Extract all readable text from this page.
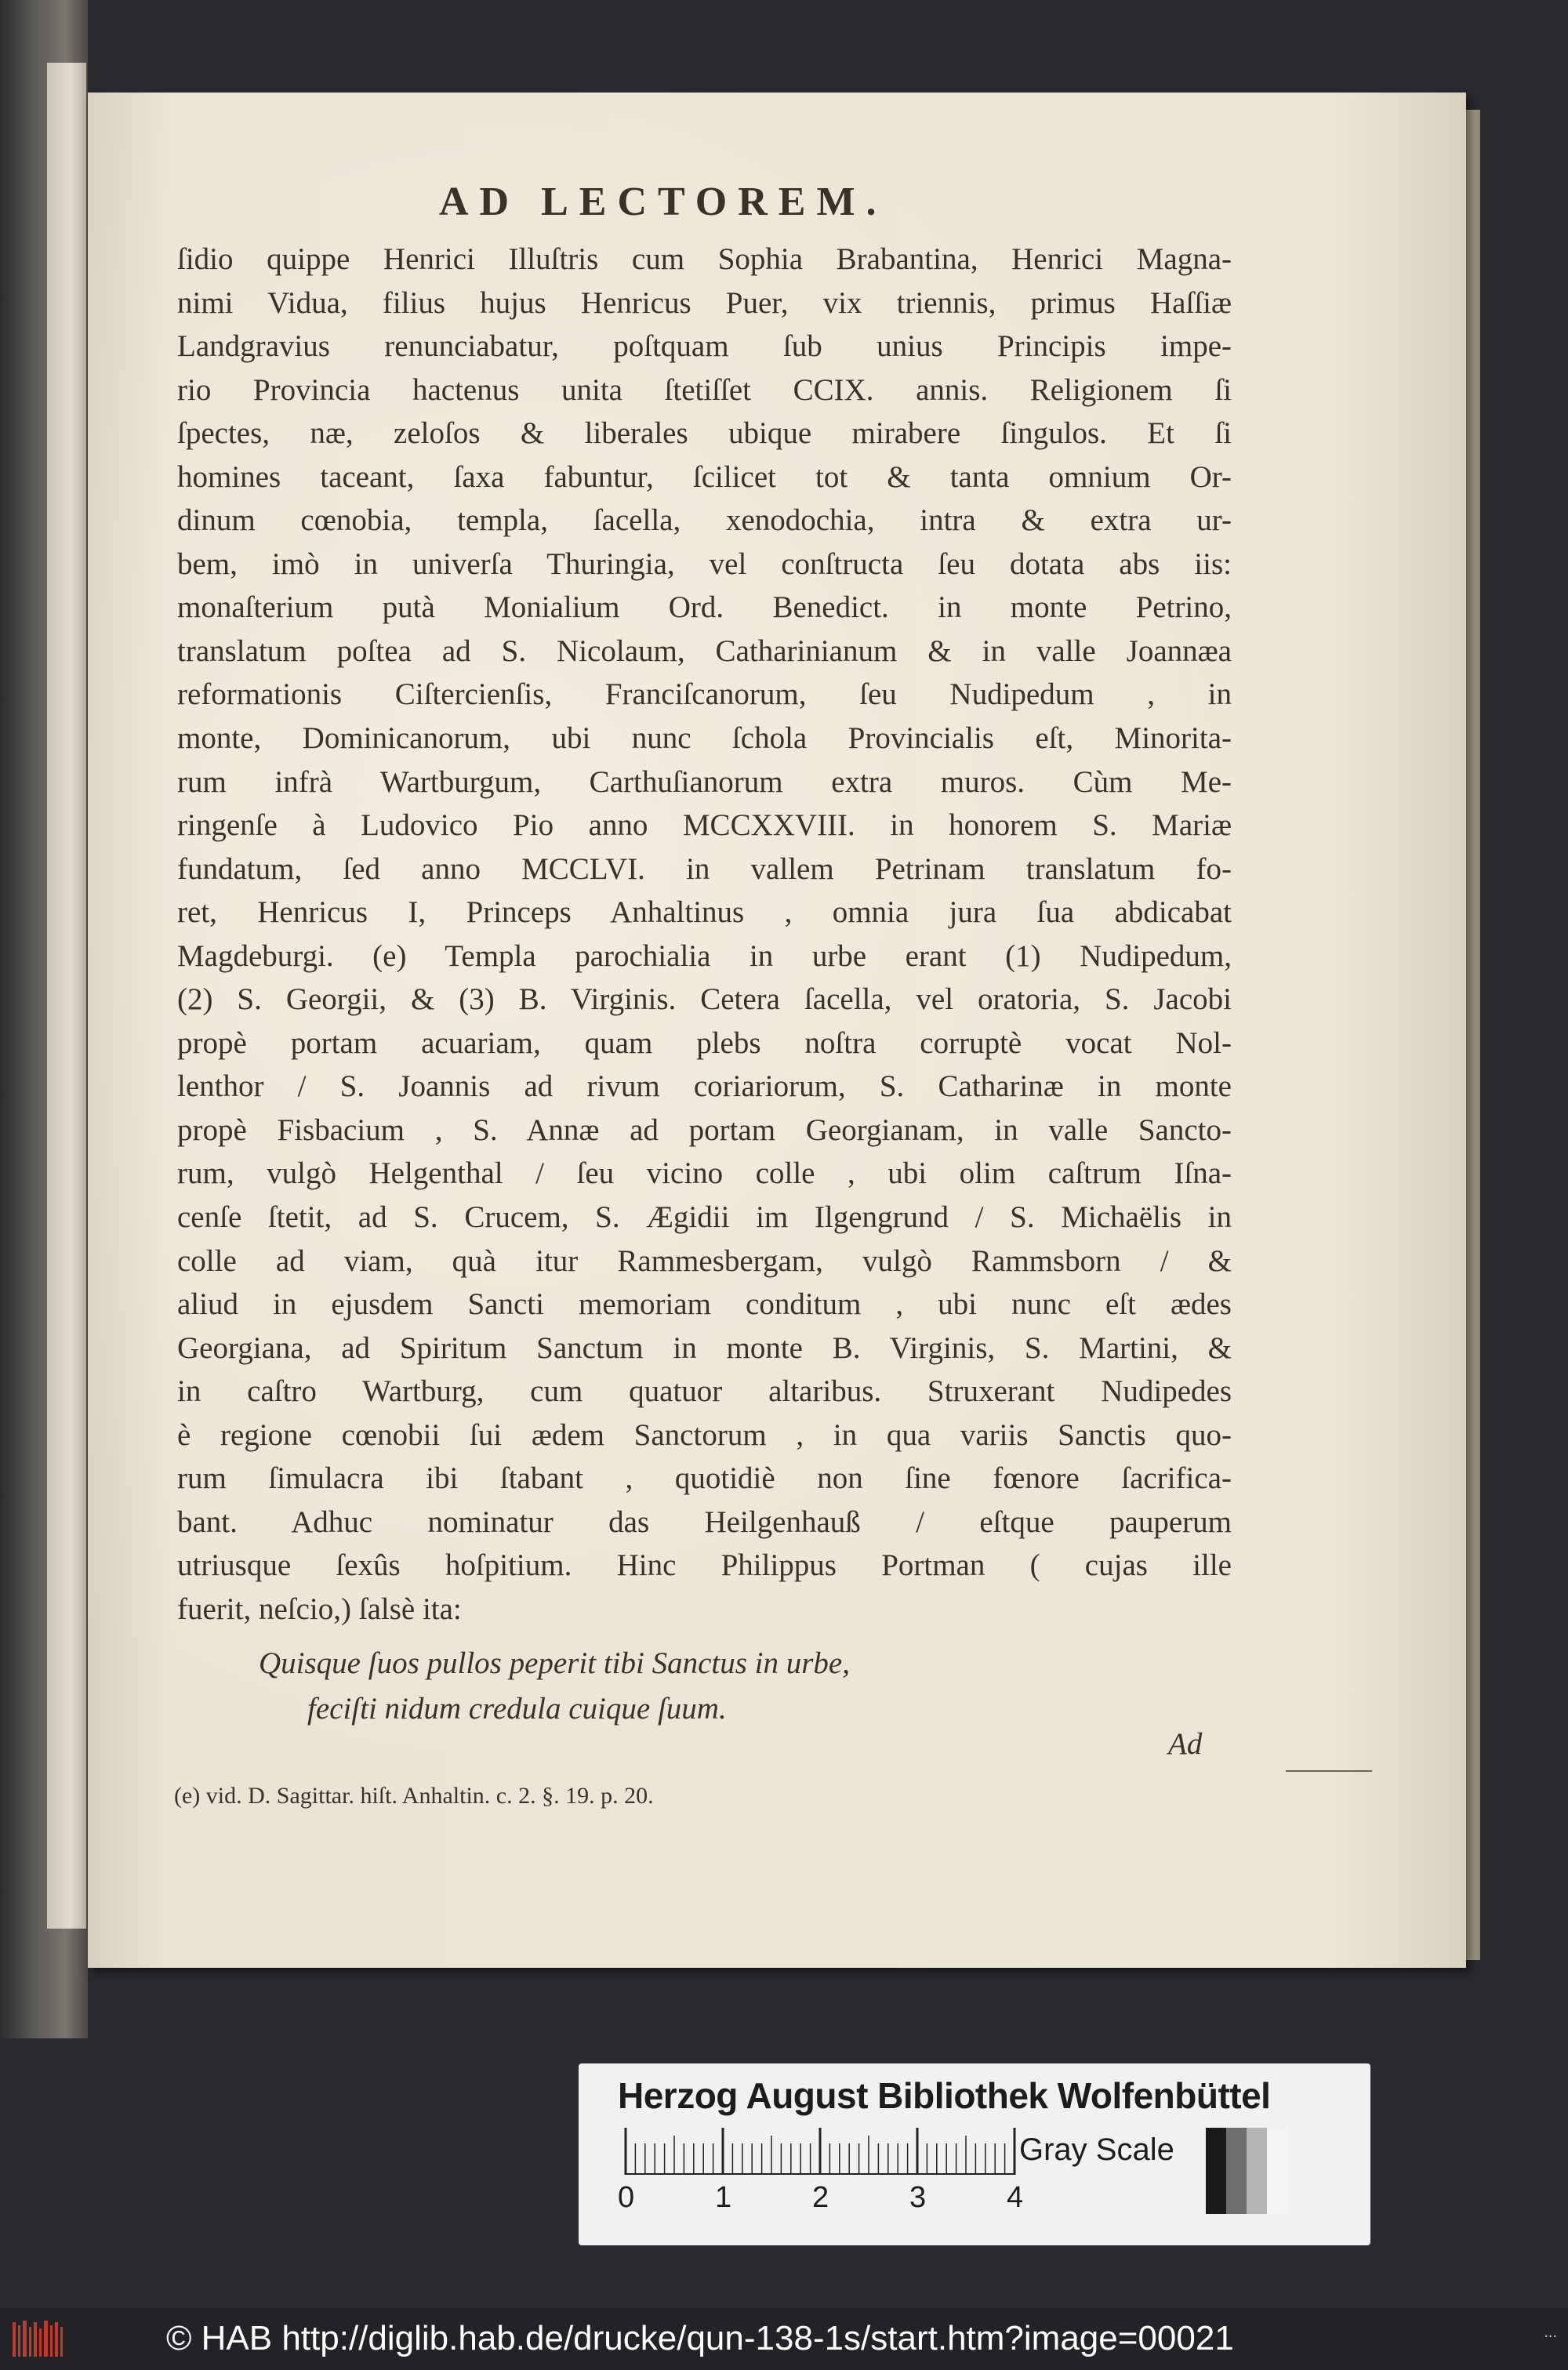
AD LECTOREM.
ſidio quippe Henrici Illuſtris cum Sophia Brabantina, Henrici Magna-
nimi Vidua, filius hujus Henricus Puer, vix triennis, primus Haſſiæ
Landgravius renunciabatur, poſtquam ſub unius Principis impe-
rio Provincia hactenus unita ſtetiſſet CCIX. annis. Religionem ſi
ſpectes, næ, zeloſos & liberales ubique mirabere ſingulos. Et ſi
homines taceant, ſaxa fabuntur, ſcilicet tot & tanta omnium Or-
dinum cœnobia, templa, ſacella, xenodochia, intra & extra ur-
bem, imò in univerſa Thuringia, vel conſtructa ſeu dotata abs iis:
monaſterium putà Monialium Ord. Benedict. in monte Petrino,
translatum poſtea ad S. Nicolaum, Catharinianum & in valle Joannæa
reformationis Ciſtercienſis, Franciſcanorum, ſeu Nudipedum , in
monte, Dominicanorum, ubi nunc ſchola Provincialis eſt, Minorita-
rum infrà Wartburgum, Carthuſianorum extra muros. Cùm Me-
ringenſe à Ludovico Pio anno MCCXXVIII. in honorem S. Mariæ
fundatum, ſed anno MCCLVI. in vallem Petrinam translatum fo-
ret, Henricus I, Princeps Anhaltinus , omnia jura ſua abdicabat
Magdeburgi. (e) Templa parochialia in urbe erant (1) Nudipedum,
(2) S. Georgii, & (3) B. Virginis. Cetera ſacella, vel oratoria, S. Jacobi
propè portam acuariam, quam plebs noſtra corruptè vocat Nol-
lenthor / S. Joannis ad rivum coriariorum, S. Catharinæ in monte
propè Fisbacium , S. Annæ ad portam Georgianam, in valle Sancto-
rum, vulgò Helgenthal / ſeu vicino colle , ubi olim caſtrum Iſna-
cenſe ſtetit, ad S. Crucem, S. Ægidii im Ilgengrund / S. Michaëlis in
colle ad viam, quà itur Rammesbergam, vulgò Rammsborn / &
aliud in ejusdem Sancti memoriam conditum , ubi nunc eſt ædes
Georgiana, ad Spiritum Sanctum in monte B. Virginis, S. Martini, &
in caſtro Wartburg, cum quatuor altaribus. Struxerant Nudipedes
è regione cœnobii ſui ædem Sanctorum , in qua variis Sanctis quo-
rum ſimulacra ibi ſtabant , quotidiè non ſine fœnore ſacrifica-
bant. Adhuc nominatur das Heilgenhauß / eſtque pauperum
utriusque ſexûs hoſpitium. Hinc Philippus Portman ( cujas ille
fuerit, neſcio,) ſalsè ita:
Quisque ſuos pullos peperit tibi Sanctus in urbe,
feciſti nidum credula cuique ſuum.
Ad
(e) vid. D. Sagittar. hiſt. Anhaltin. c. 2. §. 19. p. 20.
Herzog August Bibliothek Wolfenbüttel
0	1	2	3	4
Gray Scale
© HAB http://diglib.hab.de/drucke/qun-138-1s/start.htm?image=00021	...
